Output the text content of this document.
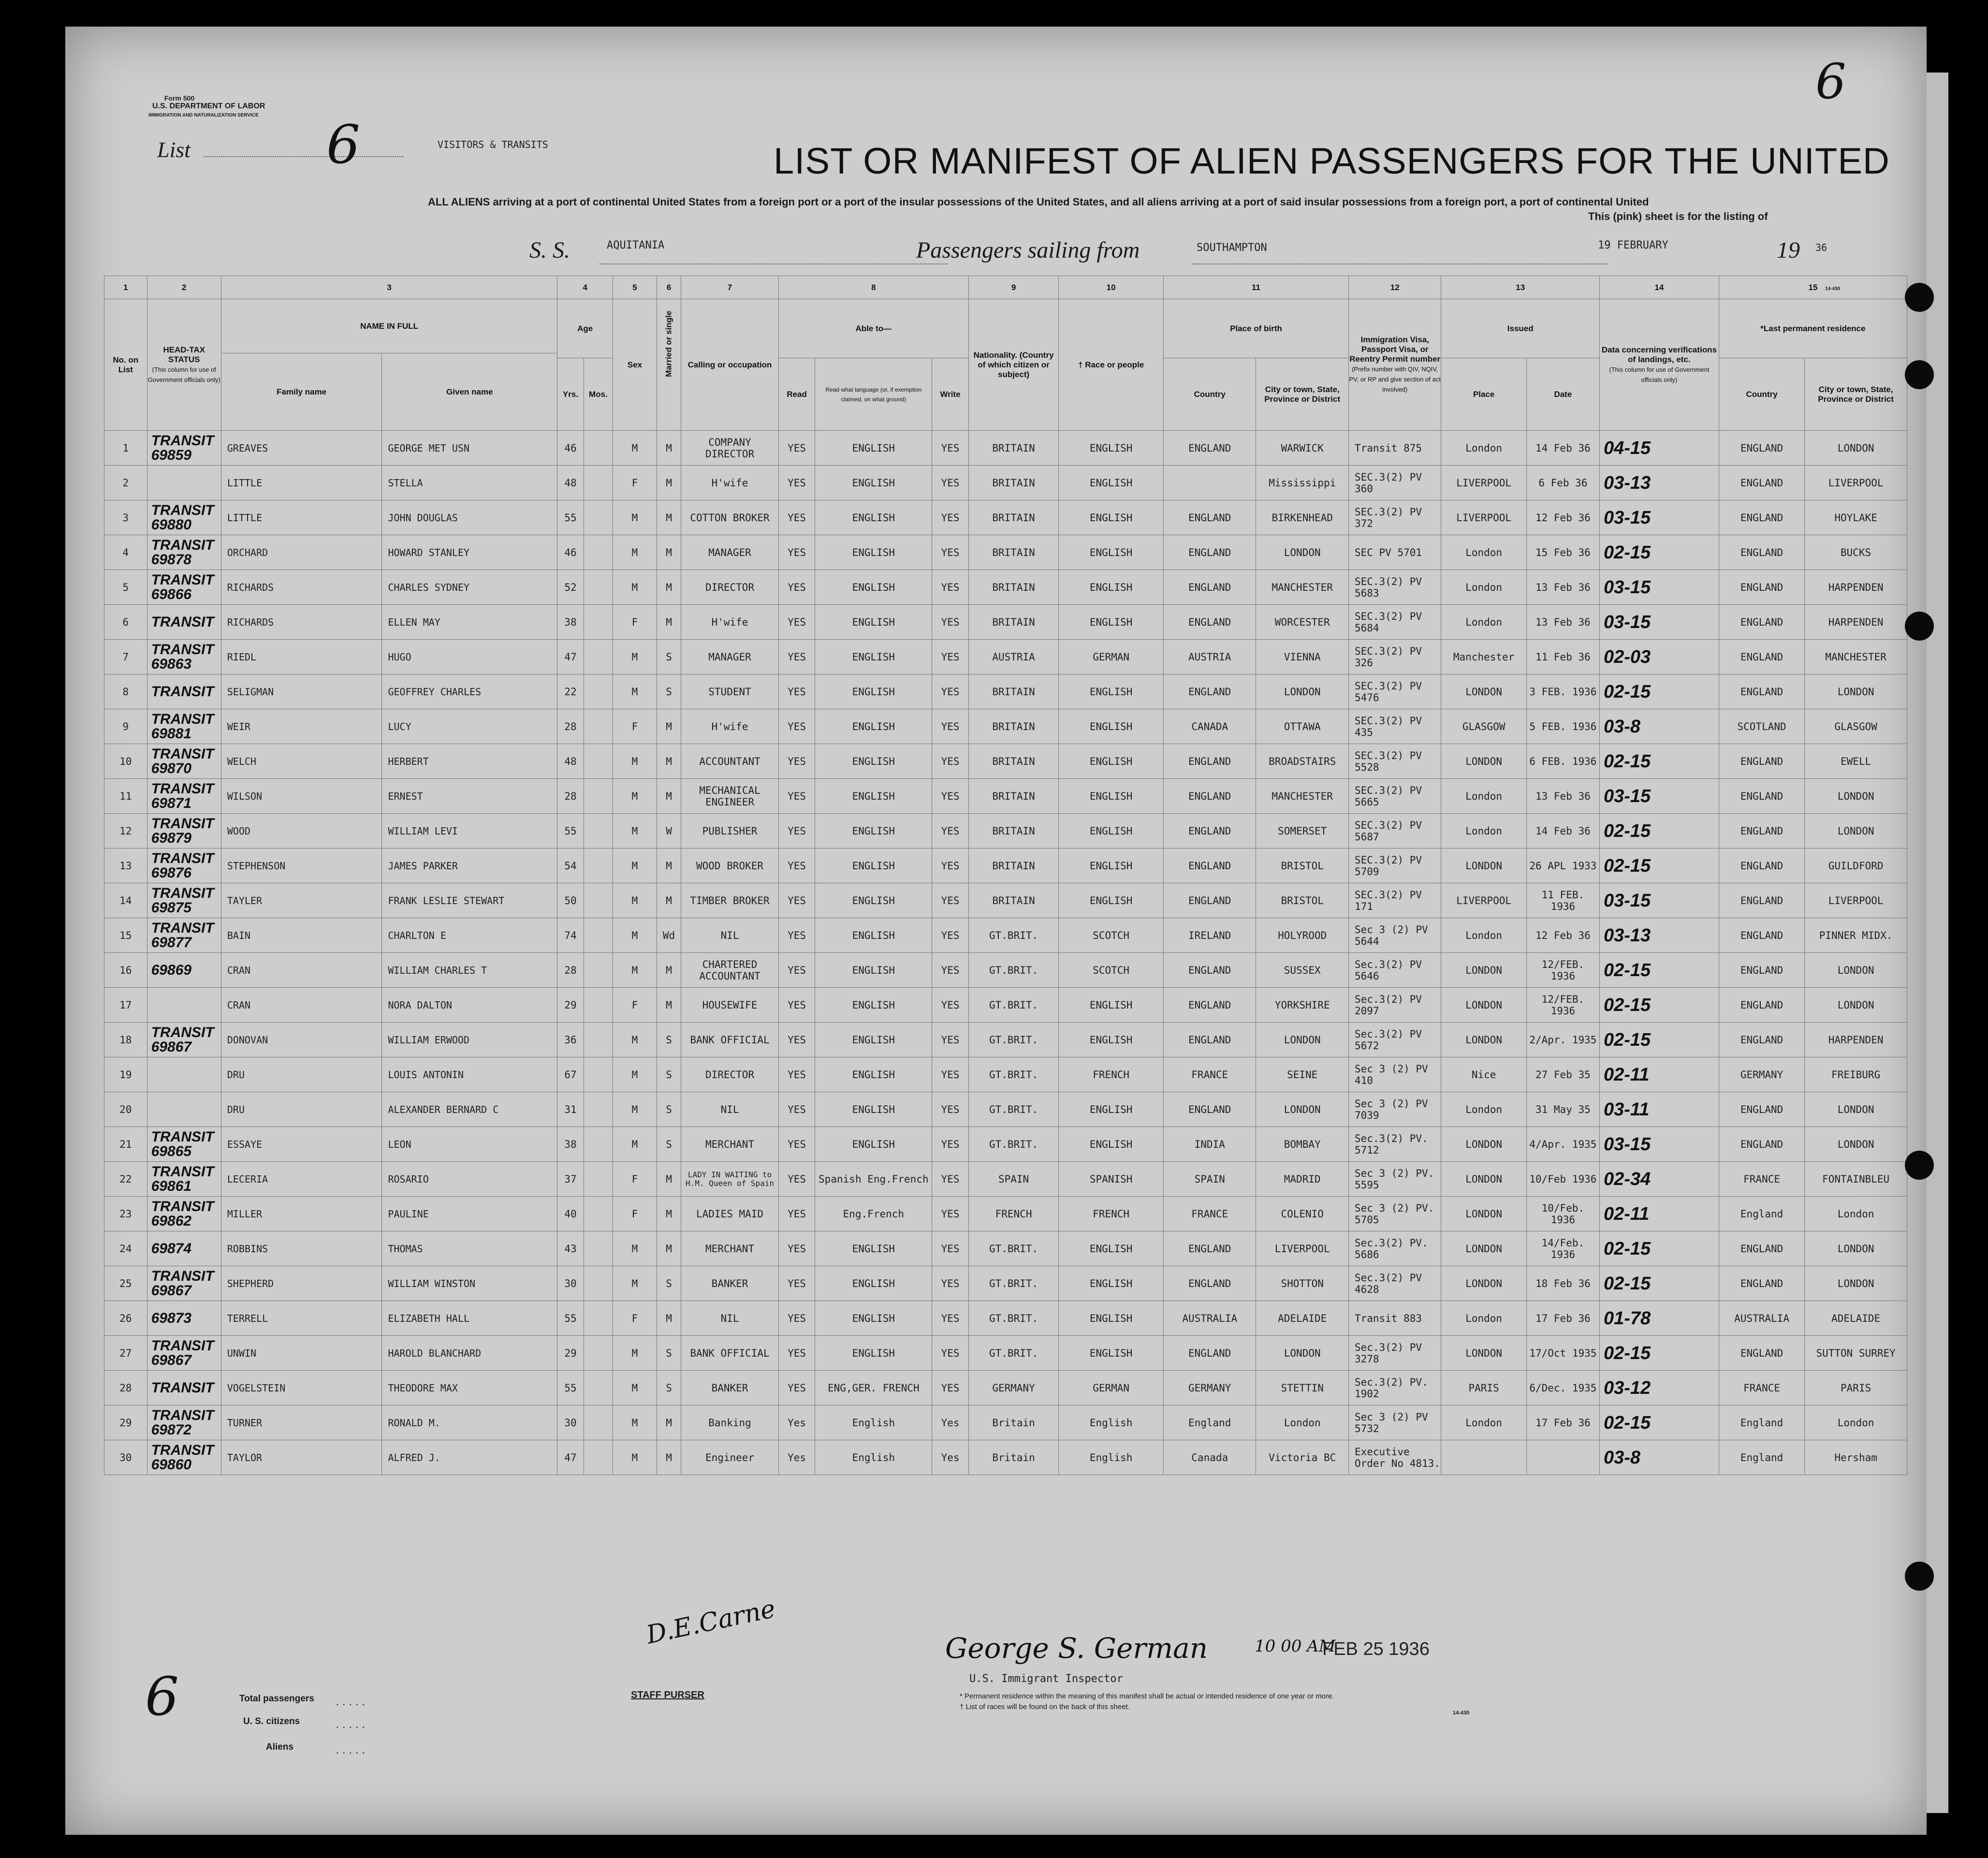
Form 500
U.S. DEPARTMENT OF LABOR
IMMIGRATION AND NATURALIZATION SERVICE
List	6	VISITORS & TRANSITS
6
LIST OR MANIFEST OF ALIEN PASSENGERS FOR THE UNITED
ALL ALIENS arriving at a port of continental United States from a foreign port or a port of the insular possessions of the United States, and all aliens arriving at a port of said insular possessions from a foreign port, a port of continental United
This (pink) sheet is for the listing of
S. S.	AQUITANIA	Passengers sailing from	SOUTHAMPTON	19 FEBRUARY	19 36
14-430
1	2	3		4		5	6	7	8			9	10	11		12	13		14	15	
No. on List	HEAD-TAX STATUS
(This column for use of Government officials only)	NAME IN FULL		Age		Sex	Married or single	Calling or occupation	Able to—			Nationality. (Country of which citizen or subject)	† Race or people	Place of birth		Immigration Visa, Passport Visa, or Reentry Permit number
(Prefix number with QIV, NQIV, PV, or RP and give section of act involved)	Issued		Data concerning verifications of landings, etc.
(This column for use of Government officials only)	*Last permanent residence	
		Family name	Given name																		
				Yrs.	Mos.				Read	Read what language (or, if exemption claimed, on what ground)	Write			Country	City or town, State, Province or District		Place	Date		Country	City or town, State, Province or District
1	TRANSIT 69859	GREAVES	GEORGE MET USN	46		M	M	COMPANY DIRECTOR	YES	ENGLISH	YES	BRITAIN	ENGLISH	ENGLAND	WARWICK	Transit 875	London	14 Feb 36	04-15	ENGLAND	LONDON
2		LITTLE	STELLA	48		F	M	H'wife	YES	ENGLISH	YES	BRITAIN	ENGLISH		Mississippi	SEC.3(2) PV 360	LIVERPOOL	6 Feb 36	03-13	ENGLAND	LIVERPOOL
3	TRANSIT 69880	LITTLE	JOHN DOUGLAS	55		M	M	COTTON BROKER	YES	ENGLISH	YES	BRITAIN	ENGLISH	ENGLAND	BIRKENHEAD	SEC.3(2) PV 372	LIVERPOOL	12 Feb 36	03-15	ENGLAND	HOYLAKE
4	TRANSIT 69878	ORCHARD	HOWARD STANLEY	46		M	M	MANAGER	YES	ENGLISH	YES	BRITAIN	ENGLISH	ENGLAND	LONDON	SEC PV 5701	London	15 Feb 36	02-15	ENGLAND	BUCKS
5	TRANSIT 69866	RICHARDS	CHARLES SYDNEY	52		M	M	DIRECTOR	YES	ENGLISH	YES	BRITAIN	ENGLISH	ENGLAND	MANCHESTER	SEC.3(2) PV 5683	London	13 Feb 36	03-15	ENGLAND	HARPENDEN
6	TRANSIT	RICHARDS	ELLEN MAY	38		F	M	H'wife	YES	ENGLISH	YES	BRITAIN	ENGLISH	ENGLAND	WORCESTER	SEC.3(2) PV 5684	London	13 Feb 36	03-15	ENGLAND	HARPENDEN
7	TRANSIT 69863	RIEDL	HUGO	47		M	S	MANAGER	YES	ENGLISH	YES	AUSTRIA	GERMAN	AUSTRIA	VIENNA	SEC.3(2) PV 326	Manchester	11 Feb 36	02-03	ENGLAND	MANCHESTER
8	TRANSIT	SELIGMAN	GEOFFREY CHARLES	22		M	S	STUDENT	YES	ENGLISH	YES	BRITAIN	ENGLISH	ENGLAND	LONDON	SEC.3(2) PV 5476	LONDON	3 FEB. 1936	02-15	ENGLAND	LONDON
9	TRANSIT 69881	WEIR	LUCY	28		F	M	H'wife	YES	ENGLISH	YES	BRITAIN	ENGLISH	CANADA	OTTAWA	SEC.3(2) PV 435	GLASGOW	5 FEB. 1936	03-8	SCOTLAND	GLASGOW
10	TRANSIT 69870	WELCH	HERBERT	48		M	M	ACCOUNTANT	YES	ENGLISH	YES	BRITAIN	ENGLISH	ENGLAND	BROADSTAIRS	SEC.3(2) PV 5528	LONDON	6 FEB. 1936	02-15	ENGLAND	EWELL
11	TRANSIT 69871	WILSON	ERNEST	28		M	M	MECHANICAL ENGINEER	YES	ENGLISH	YES	BRITAIN	ENGLISH	ENGLAND	MANCHESTER	SEC.3(2) PV 5665	London	13 Feb 36	03-15	ENGLAND	LONDON
12	TRANSIT 69879	WOOD	WILLIAM LEVI	55		M	W	PUBLISHER	YES	ENGLISH	YES	BRITAIN	ENGLISH	ENGLAND	SOMERSET	SEC.3(2) PV 5687	London	14 Feb 36	02-15	ENGLAND	LONDON
13	TRANSIT 69876	STEPHENSON	JAMES PARKER	54		M	M	WOOD BROKER	YES	ENGLISH	YES	BRITAIN	ENGLISH	ENGLAND	BRISTOL	SEC.3(2) PV 5709	LONDON	26 APL 1933	02-15	ENGLAND	GUILDFORD
14	TRANSIT 69875	TAYLER	FRANK LESLIE STEWART	50		M	M	TIMBER BROKER	YES	ENGLISH	YES	BRITAIN	ENGLISH	ENGLAND	BRISTOL	SEC.3(2) PV 171	LIVERPOOL	11 FEB. 1936	03-15	ENGLAND	LIVERPOOL
15	TRANSIT 69877	BAIN	CHARLTON E	74		M	Wd	NIL	YES	ENGLISH	YES	GT.BRIT.	SCOTCH	IRELAND	HOLYROOD	Sec 3 (2) PV 5644	London	12 Feb 36	03-13	ENGLAND	PINNER MIDX.
16	69869	CRAN	WILLIAM CHARLES T	28		M	M	CHARTERED ACCOUNTANT	YES	ENGLISH	YES	GT.BRIT.	SCOTCH	ENGLAND	SUSSEX	Sec.3(2) PV 5646	LONDON	12/FEB. 1936	02-15	ENGLAND	LONDON
17		CRAN	NORA DALTON	29		F	M	HOUSEWIFE	YES	ENGLISH	YES	GT.BRIT.	ENGLISH	ENGLAND	YORKSHIRE	Sec.3(2) PV 2097	LONDON	12/FEB. 1936	02-15	ENGLAND	LONDON
18	TRANSIT 69867	DONOVAN	WILLIAM ERWOOD	36		M	S	BANK OFFICIAL	YES	ENGLISH	YES	GT.BRIT.	ENGLISH	ENGLAND	LONDON	Sec.3(2) PV 5672	LONDON	2/Apr. 1935	02-15	ENGLAND	HARPENDEN
19		DRU	LOUIS ANTONIN	67		M	S	DIRECTOR	YES	ENGLISH	YES	GT.BRIT.	FRENCH	FRANCE	SEINE	Sec 3 (2) PV 410	Nice	27 Feb 35	02-11	GERMANY	FREIBURG
20		DRU	ALEXANDER BERNARD C	31		M	S	NIL	YES	ENGLISH	YES	GT.BRIT.	ENGLISH	ENGLAND	LONDON	Sec 3 (2) PV 7039	London	31 May 35	03-11	ENGLAND	LONDON
21	TRANSIT 69865	ESSAYE	LEON	38		M	S	MERCHANT	YES	ENGLISH	YES	GT.BRIT.	ENGLISH	INDIA	BOMBAY	Sec.3(2) PV. 5712	LONDON	4/Apr. 1935	03-15	ENGLAND	LONDON
22	TRANSIT 69861	LECERIA	ROSARIO	37		F	M	LADY IN WAITING to H.M. Queen of Spain	YES	Spanish Eng.French	YES	SPAIN	SPANISH	SPAIN	MADRID	Sec 3 (2) PV. 5595	LONDON	10/Feb 1936	02-34	FRANCE	FONTAINBLEU
23	TRANSIT 69862	MILLER	PAULINE	40		F	M	LADIES MAID	YES	Eng.French	YES	FRENCH	FRENCH	FRANCE	COLENIO	Sec 3 (2) PV. 5705	LONDON	10/Feb. 1936	02-11	England	London
24	69874	ROBBINS	THOMAS	43		M	M	MERCHANT	YES	ENGLISH	YES	GT.BRIT.	ENGLISH	ENGLAND	LIVERPOOL	Sec.3(2) PV. 5686	LONDON	14/Feb. 1936	02-15	ENGLAND	LONDON
25	TRANSIT 69867	SHEPHERD	WILLIAM WINSTON	30		M	S	BANKER	YES	ENGLISH	YES	GT.BRIT.	ENGLISH	ENGLAND	SHOTTON	Sec.3(2) PV 4628	LONDON	18 Feb 36	02-15	ENGLAND	LONDON
26	69873	TERRELL	ELIZABETH HALL	55		F	M	NIL	YES	ENGLISH	YES	GT.BRIT.	ENGLISH	AUSTRALIA	ADELAIDE	Transit 883	London	17 Feb 36	01-78	AUSTRALIA	ADELAIDE
27	TRANSIT 69867	UNWIN	HAROLD BLANCHARD	29		M	S	BANK OFFICIAL	YES	ENGLISH	YES	GT.BRIT.	ENGLISH	ENGLAND	LONDON	Sec.3(2) PV 3278	LONDON	17/Oct 1935	02-15	ENGLAND	SUTTON SURREY
28	TRANSIT	VOGELSTEIN	THEODORE MAX	55		M	S	BANKER	YES	ENG,GER. FRENCH	YES	GERMANY	GERMAN	GERMANY	STETTIN	Sec.3(2) PV. 1902	PARIS	6/Dec. 1935	03-12	FRANCE	PARIS
29	TRANSIT 69872	TURNER	RONALD M.	30		M	M	Banking	Yes	English	Yes	Britain	English	England	London	Sec 3 (2) PV 5732	London	17 Feb 36	02-15	England	London
30	TRANSIT 69860	TAYLOR	ALFRED J.	47		M	M	Engineer	Yes	English	Yes	Britain	English	Canada	Victoria BC	Executive Order No 4813.			03-8	England	Hersham
George S. German
U.S. Immigrant Inspector
10 00 AM
FEB 25 1936
D.E.Carne
STAFF PURSER
6	Total passengers
U. S. citizens
Aliens
.....
.....
.....
* Permanent residence within the meaning of this manifest shall be actual or intended residence of one year or more.
† List of races will be found on the back of this sheet.
14-430
